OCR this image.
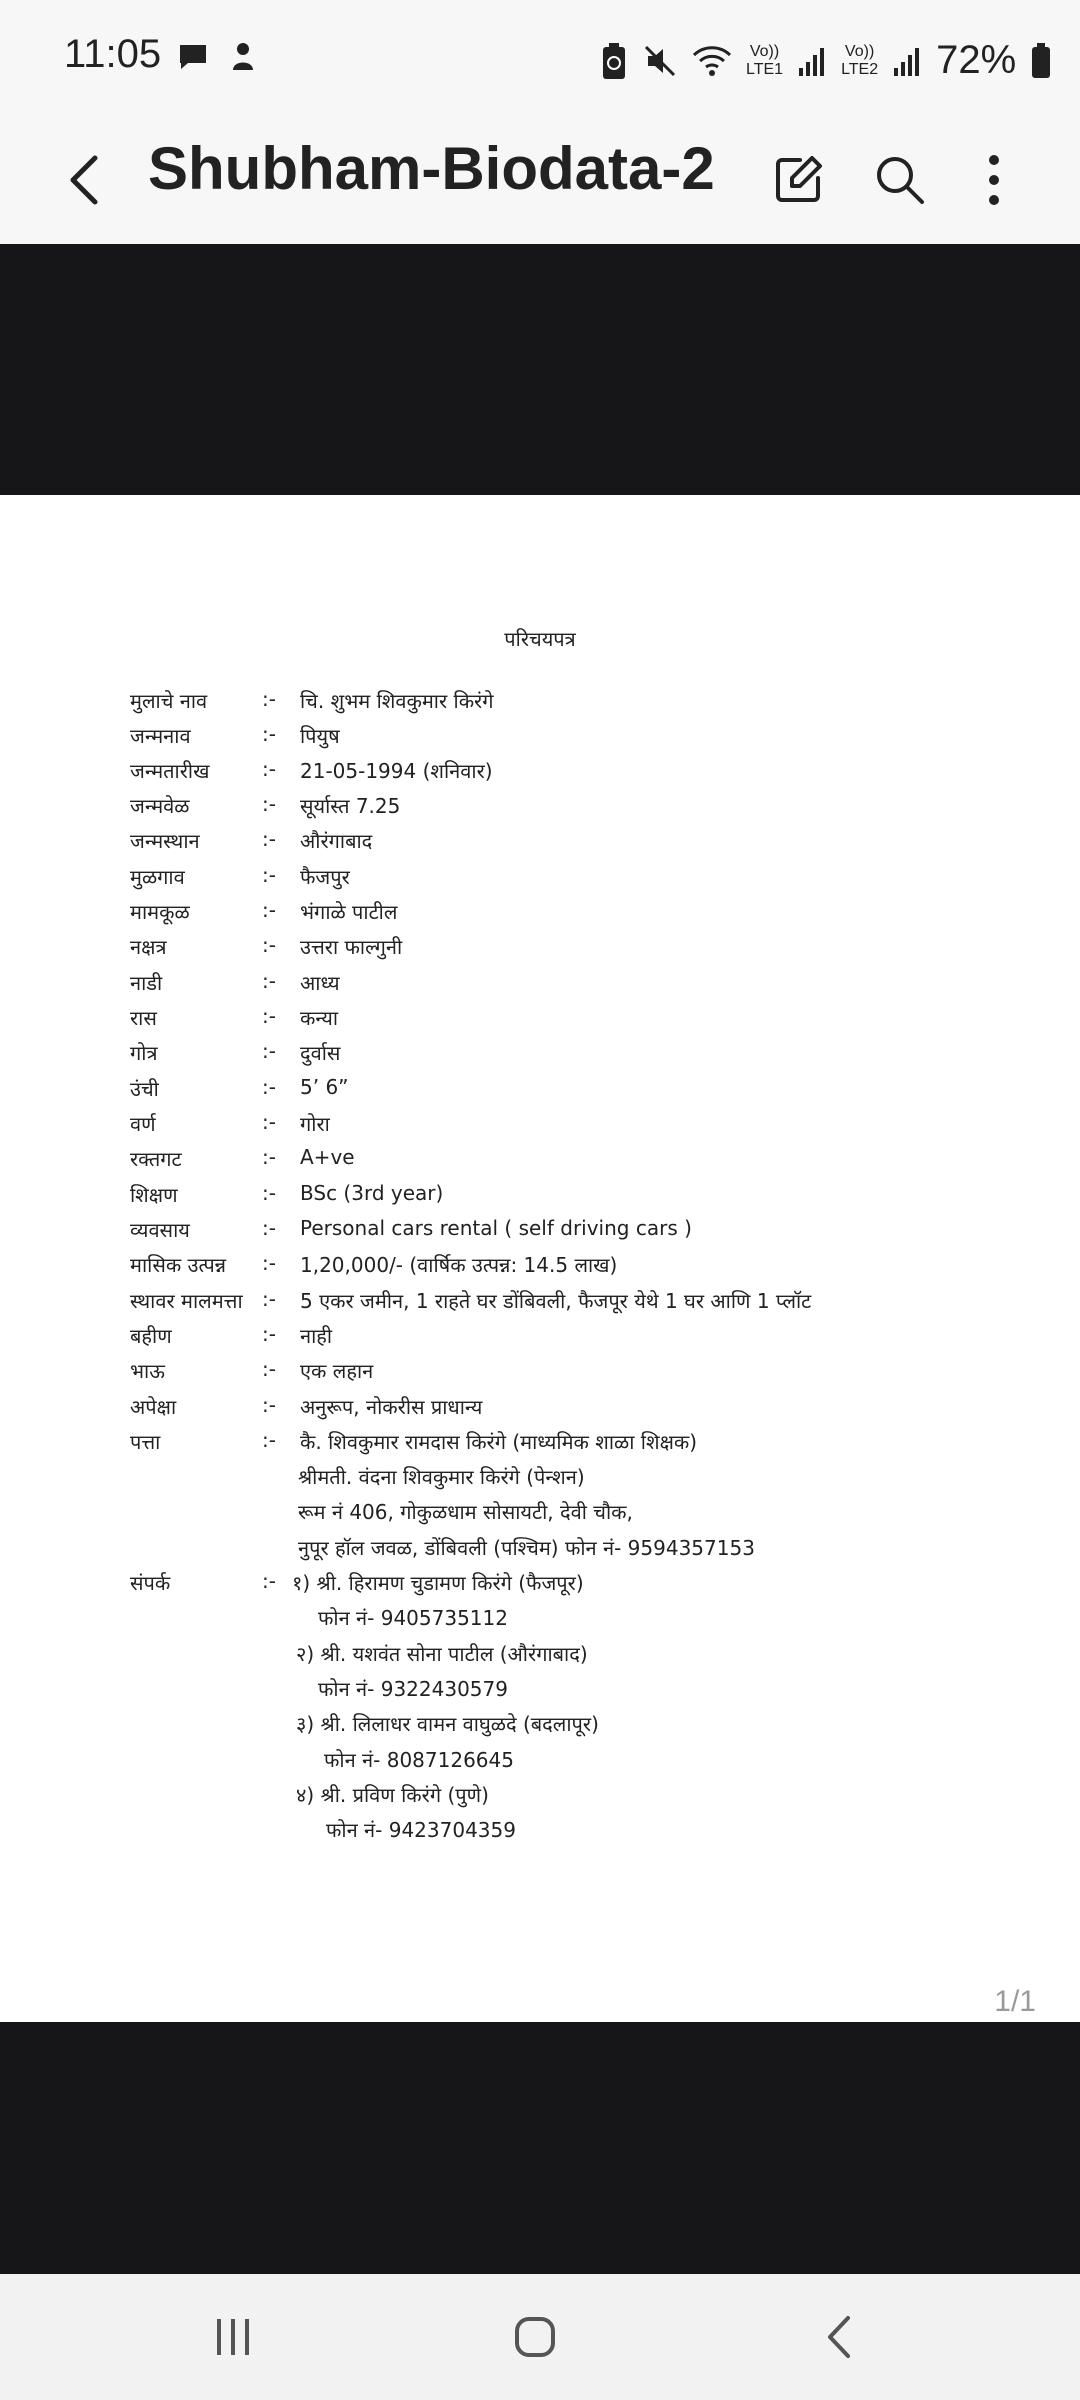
11:05	Vo))
LTE1
Vo))
LTE2 72%
Shubham-Biodata-2
परिचयपत्र
मुलाचे नाव	:- चि. शुभम शिवकुमार किरंगे
जन्मनाव	:- पियुष
जन्मतारीख	:- 21-05-1994 (शनिवार)
जन्मवेळ	:- सूर्यास्त 7.25
जन्मस्थान	:- औरंगाबाद
मुळगाव	:- फैजपुर
मामकूळ	:- भंगाळे पाटील
नक्षत्र	:- उत्तरा फाल्गुनी
नाडी	:- आध्य
रास	:- कन्या
गोत्र	:- दुर्वास
उंची	:- 5’ 6”
वर्ण	:- गोरा
रक्तगट	:- A+ve
शिक्षण	:- BSc (3rd year)
व्यवसाय	:- Personal cars rental ( self driving cars )
मासिक उत्पन्न :- 1,20,000/- (वार्षिक उत्पन्न: 14.5 लाख)
स्थावर मालमत्ता :- 5 एकर जमीन, 1 राहते घर डोंबिवली, फैजपूर येथे 1 घर आणि 1 प्लॉट
बहीण	:- नाही
भाऊ	:- एक लहान
अपेक्षा	:- अनुरूप, नोकरीस प्राधान्य
पत्ता	:- कै. शिवकुमार रामदास किरंगे (माध्यमिक शाळा शिक्षक)
श्रीमती. वंदना शिवकुमार किरंगे (पेन्शन)
रूम नं 406, गोकुळधाम सोसायटी, देवी चौक,
नुपूर हॉल जवळ, डोंबिवली (पश्चिम) फोन नं- 9594357153
संपर्क	:- १) श्री. हिरामण चुडामण किरंगे (फैजपूर)
फोन नं- 9405735112
२) श्री. यशवंत सोना पाटील (औरंगाबाद)
फोन नं- 9322430579
३) श्री. लिलाधर वामन वाघुळदे (बदलापूर)
फोन नं- 8087126645
४) श्री. प्रविण किरंगे (पुणे)
फोन नं- 9423704359
1/1
